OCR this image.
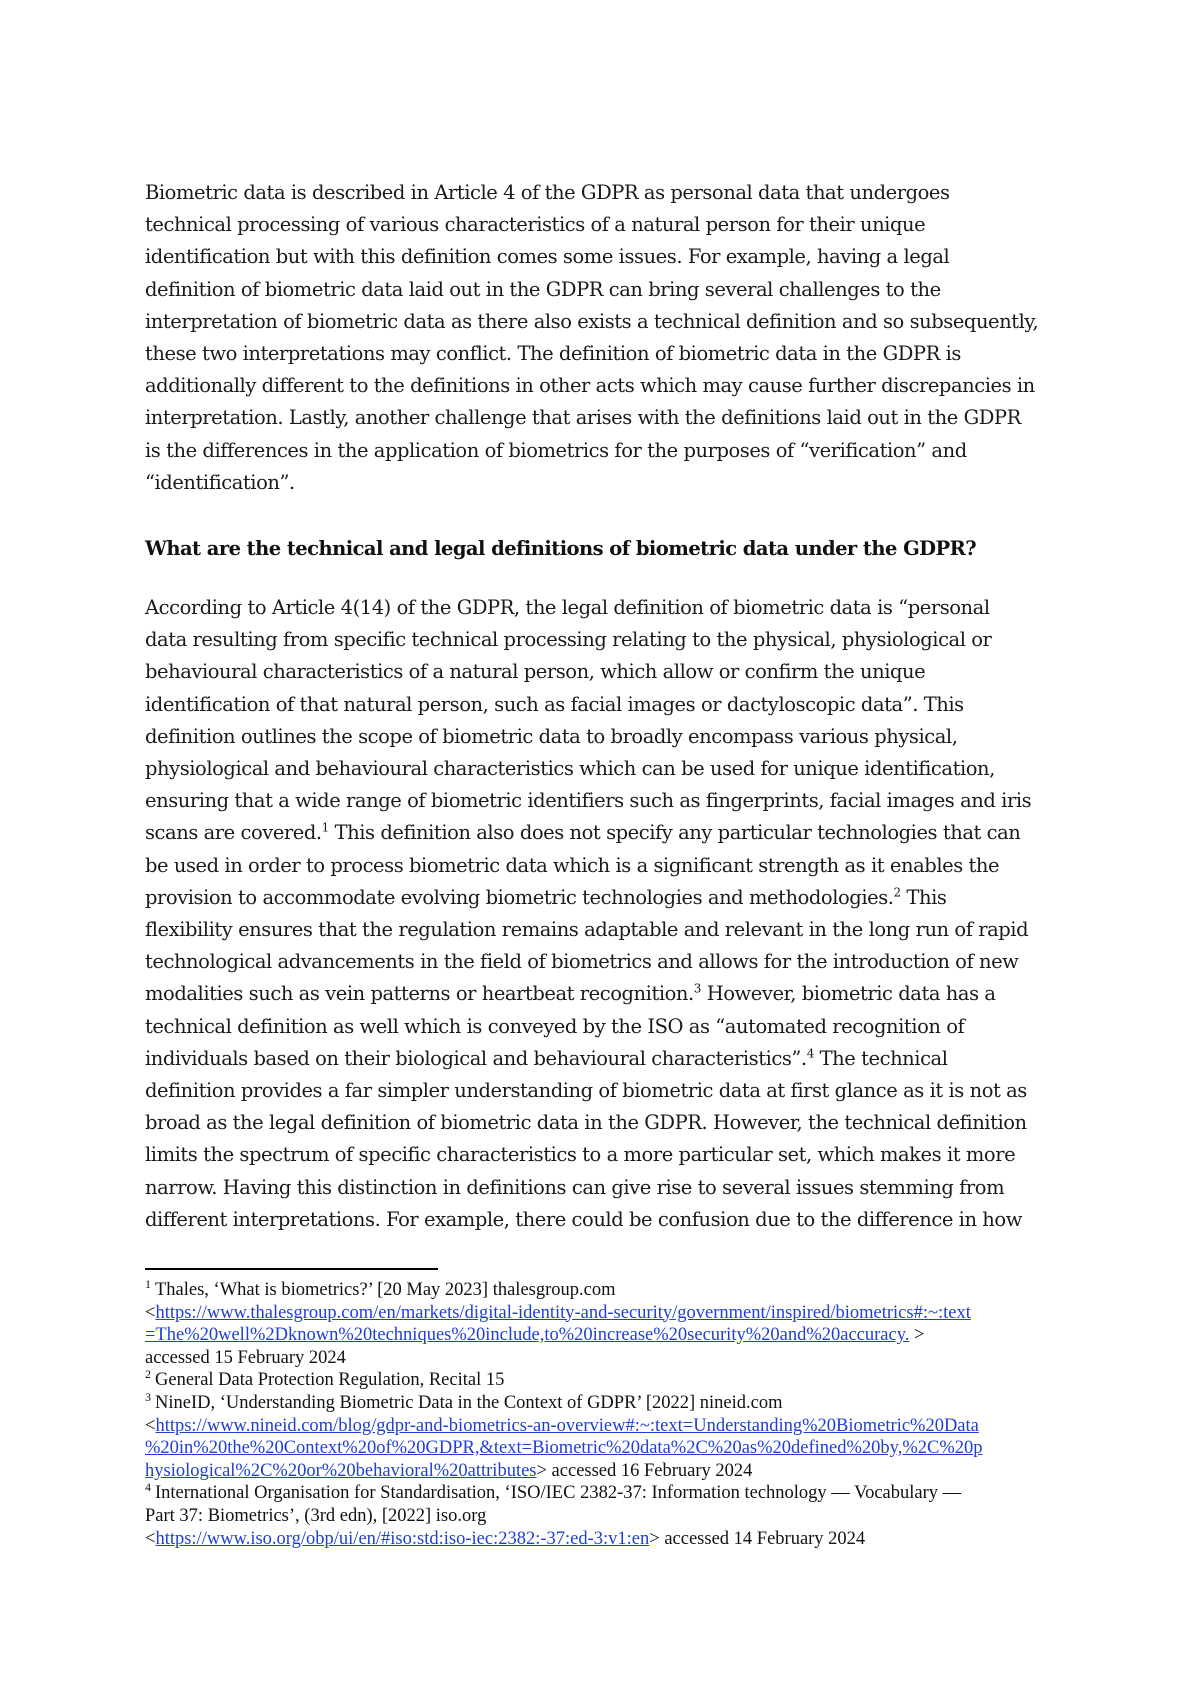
Biometric data is described in Article 4 of the GDPR as personal data that undergoes
technical processing of various characteristics of a natural person for their unique
identification but with this definition comes some issues. For example, having a legal
definition of biometric data laid out in the GDPR can bring several challenges to the
interpretation of biometric data as there also exists a technical definition and so subsequently,
these two interpretations may conflict. The definition of biometric data in the GDPR is
additionally different to the definitions in other acts which may cause further discrepancies in
interpretation. Lastly, another challenge that arises with the definitions laid out in the GDPR
is the differences in the application of biometrics for the purposes of “verification” and
“identification”.
What are the technical and legal definitions of biometric data under the GDPR?
According to Article 4(14) of the GDPR, the legal definition of biometric data is “personal
data resulting from specific technical processing relating to the physical, physiological or
behavioural characteristics of a natural person, which allow or confirm the unique
identification of that natural person, such as facial images or dactyloscopic data”. This
definition outlines the scope of biometric data to broadly encompass various physical,
physiological and behavioural characteristics which can be used for unique identification,
ensuring that a wide range of biometric identifiers such as fingerprints, facial images and iris
scans are covered.$^1$ This definition also does not specify any particular technologies that can
be used in order to process biometric data which is a significant strength as it enables the
provision to accommodate evolving biometric technologies and methodologies.$^2$ This
flexibility ensures that the regulation remains adaptable and relevant in the long run of rapid
technological advancements in the field of biometrics and allows for the introduction of new
modalities such as vein patterns or heartbeat recognition.$^3$ However, biometric data has a
technical definition as well which is conveyed by the ISO as “automated recognition of
individuals based on their biological and behavioural characteristics”.$^4$ The technical
definition provides a far simpler understanding of biometric data at first glance as it is not as
broad as the legal definition of biometric data in the GDPR. However, the technical definition
limits the spectrum of specific characteristics to a more particular set, which makes it more
narrow. Having this distinction in definitions can give rise to several issues stemming from
different interpretations. For example, there could be confusion due to the difference in how
$^1$ Thales, ‘What is biometrics?’ [20 May 2023] thalesgroup.com
<https://www.thalesgroup.com/en/markets/digital-identity-and-security/government/inspired/biometrics#:~:text
=The%20well%2Dknown%20techniques%20include,to%20increase%20security%20and%20accuracy. >
accessed 15 February 2024
$^2$ General Data Protection Regulation, Recital 15
$^3$ NineID, ‘Understanding Biometric Data in the Context of GDPR’ [2022] nineid.com
<https://www.nineid.com/blog/gdpr-and-biometrics-an-overview#:~:text=Understanding%20Biometric%20Data
%20in%20the%20Context%20of%20GDPR,&text=Biometric%20data%2C%20as%20defined%20by,%2C%20p
hysiological%2C%20or%20behavioral%20attributes> accessed 16 February 2024
$^4$ International Organisation for Standardisation, ‘ISO/IEC 2382-37: Information technology — Vocabulary —
Part 37: Biometrics’, (3rd edn), [2022] iso.org
<https://www.iso.org/obp/ui/en/#iso:std:iso-iec:2382:-37:ed-3:v1:en> accessed 14 February 2024
